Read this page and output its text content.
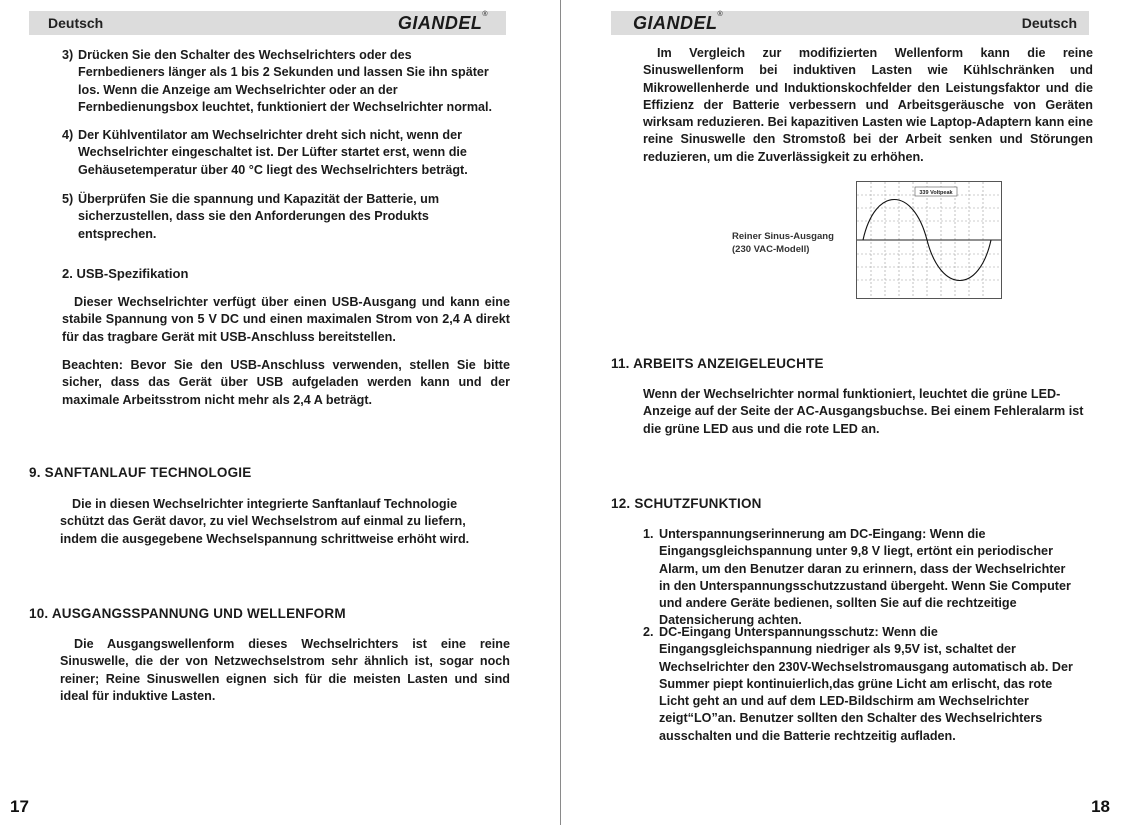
Deutsch	GIANDEL®
3) Drücken Sie den Schalter des Wechselrichters oder des Fernbedieners länger als 1 bis 2 Sekunden und lassen Sie ihn später los. Wenn die Anzeige am Wechselrichter oder an der Fernbedienungsbox leuchtet, funktioniert der Wechselrichter normal.
4) Der Kühlventilator am Wechselrichter dreht sich nicht, wenn der Wechselrichter eingeschaltet ist. Der Lüfter startet erst, wenn die Gehäusetemperatur über 40 °C liegt des Wechselrichters beträgt.
5) Überprüfen Sie die spannung und Kapazität der Batterie, um sicherzustellen, dass sie den Anforderungen des Produkts entsprechen.
2. USB-Spezifikation
Dieser Wechselrichter verfügt über einen USB-Ausgang und kann eine stabile Spannung von 5 V DC und einen maximalen Strom von 2,4 A direkt für das tragbare Gerät mit USB-Anschluss bereitstellen.
Beachten: Bevor Sie den USB-Anschluss verwenden, stellen Sie bitte sicher, dass das Gerät über USB aufgeladen werden kann und der maximale Arbeitsstrom nicht mehr als 2,4 A beträgt.
9. SANFTANLAUF TECHNOLOGIE
Die in diesen Wechselrichter integrierte Sanftanlauf Technologie schützt das Gerät davor, zu viel Wechselstrom auf einmal zu liefern, indem die ausgegebene Wechselspannung schrittweise erhöht wird.
10. AUSGANGSSPANNUNG UND WELLENFORM
Die Ausgangswellenform dieses Wechselrichters ist eine reine Sinuswelle, die der von Netzwechselstrom sehr ähnlich ist, sogar noch reiner; Reine Sinuswellen eignen sich für die meisten Lasten und sind ideal für induktive Lasten.
17
GIANDEL®
Deutsch
Im Vergleich zur modifizierten Wellenform kann die reine Sinuswellenform bei induktiven Lasten wie Kühlschränken und Mikrowellenherde und Induktionskochfelder den Leistungsfaktor und die Effizienz der Batterie verbessern und Arbeitsgeräusche von Geräten wirksam reduzieren. Bei kapazitiven Lasten wie Laptop-Adaptern kann eine reine Sinuswelle den Stromstoß bei der Arbeit senken und Störungen reduzieren, um die Zuverlässigkeit zu erhöhen.
Reiner Sinus-Ausgang
(230 VAC-Modell)
339 Voltpeak
11. ARBEITS ANZEIGELEUCHTE
Wenn der Wechselrichter normal funktioniert, leuchtet die grüne LED-Anzeige auf der Seite der AC-Ausgangsbuchse. Bei einem Fehleralarm ist die grüne LED aus und die rote LED an.
12. SCHUTZFUNKTION
1. Unterspannungserinnerung am DC-Eingang: Wenn die Eingangsgleichspannung unter 9,8 V liegt, ertönt ein periodischer Alarm, um den Benutzer daran zu erinnern, dass der Wechselrichter in den Unterspannungsschutzzustand übergeht. Wenn Sie Computer und andere Geräte bedienen, sollten Sie auf die rechtzeitige Datensicherung achten.
2. DC-Eingang Unterspannungsschutz: Wenn die Eingangsgleichspannung niedriger als 9,5V ist, schaltet der Wechselrichter den 230V-Wechselstromausgang automatisch ab. Der Summer piept kontinuierlich,das grüne Licht am erlischt, das rote Licht geht an und auf dem LED-Bildschirm am Wechselrichter zeigt“LO”an. Benutzer sollten den Schalter des Wechselrichters ausschalten und die Batterie rechtzeitig aufladen.
18
